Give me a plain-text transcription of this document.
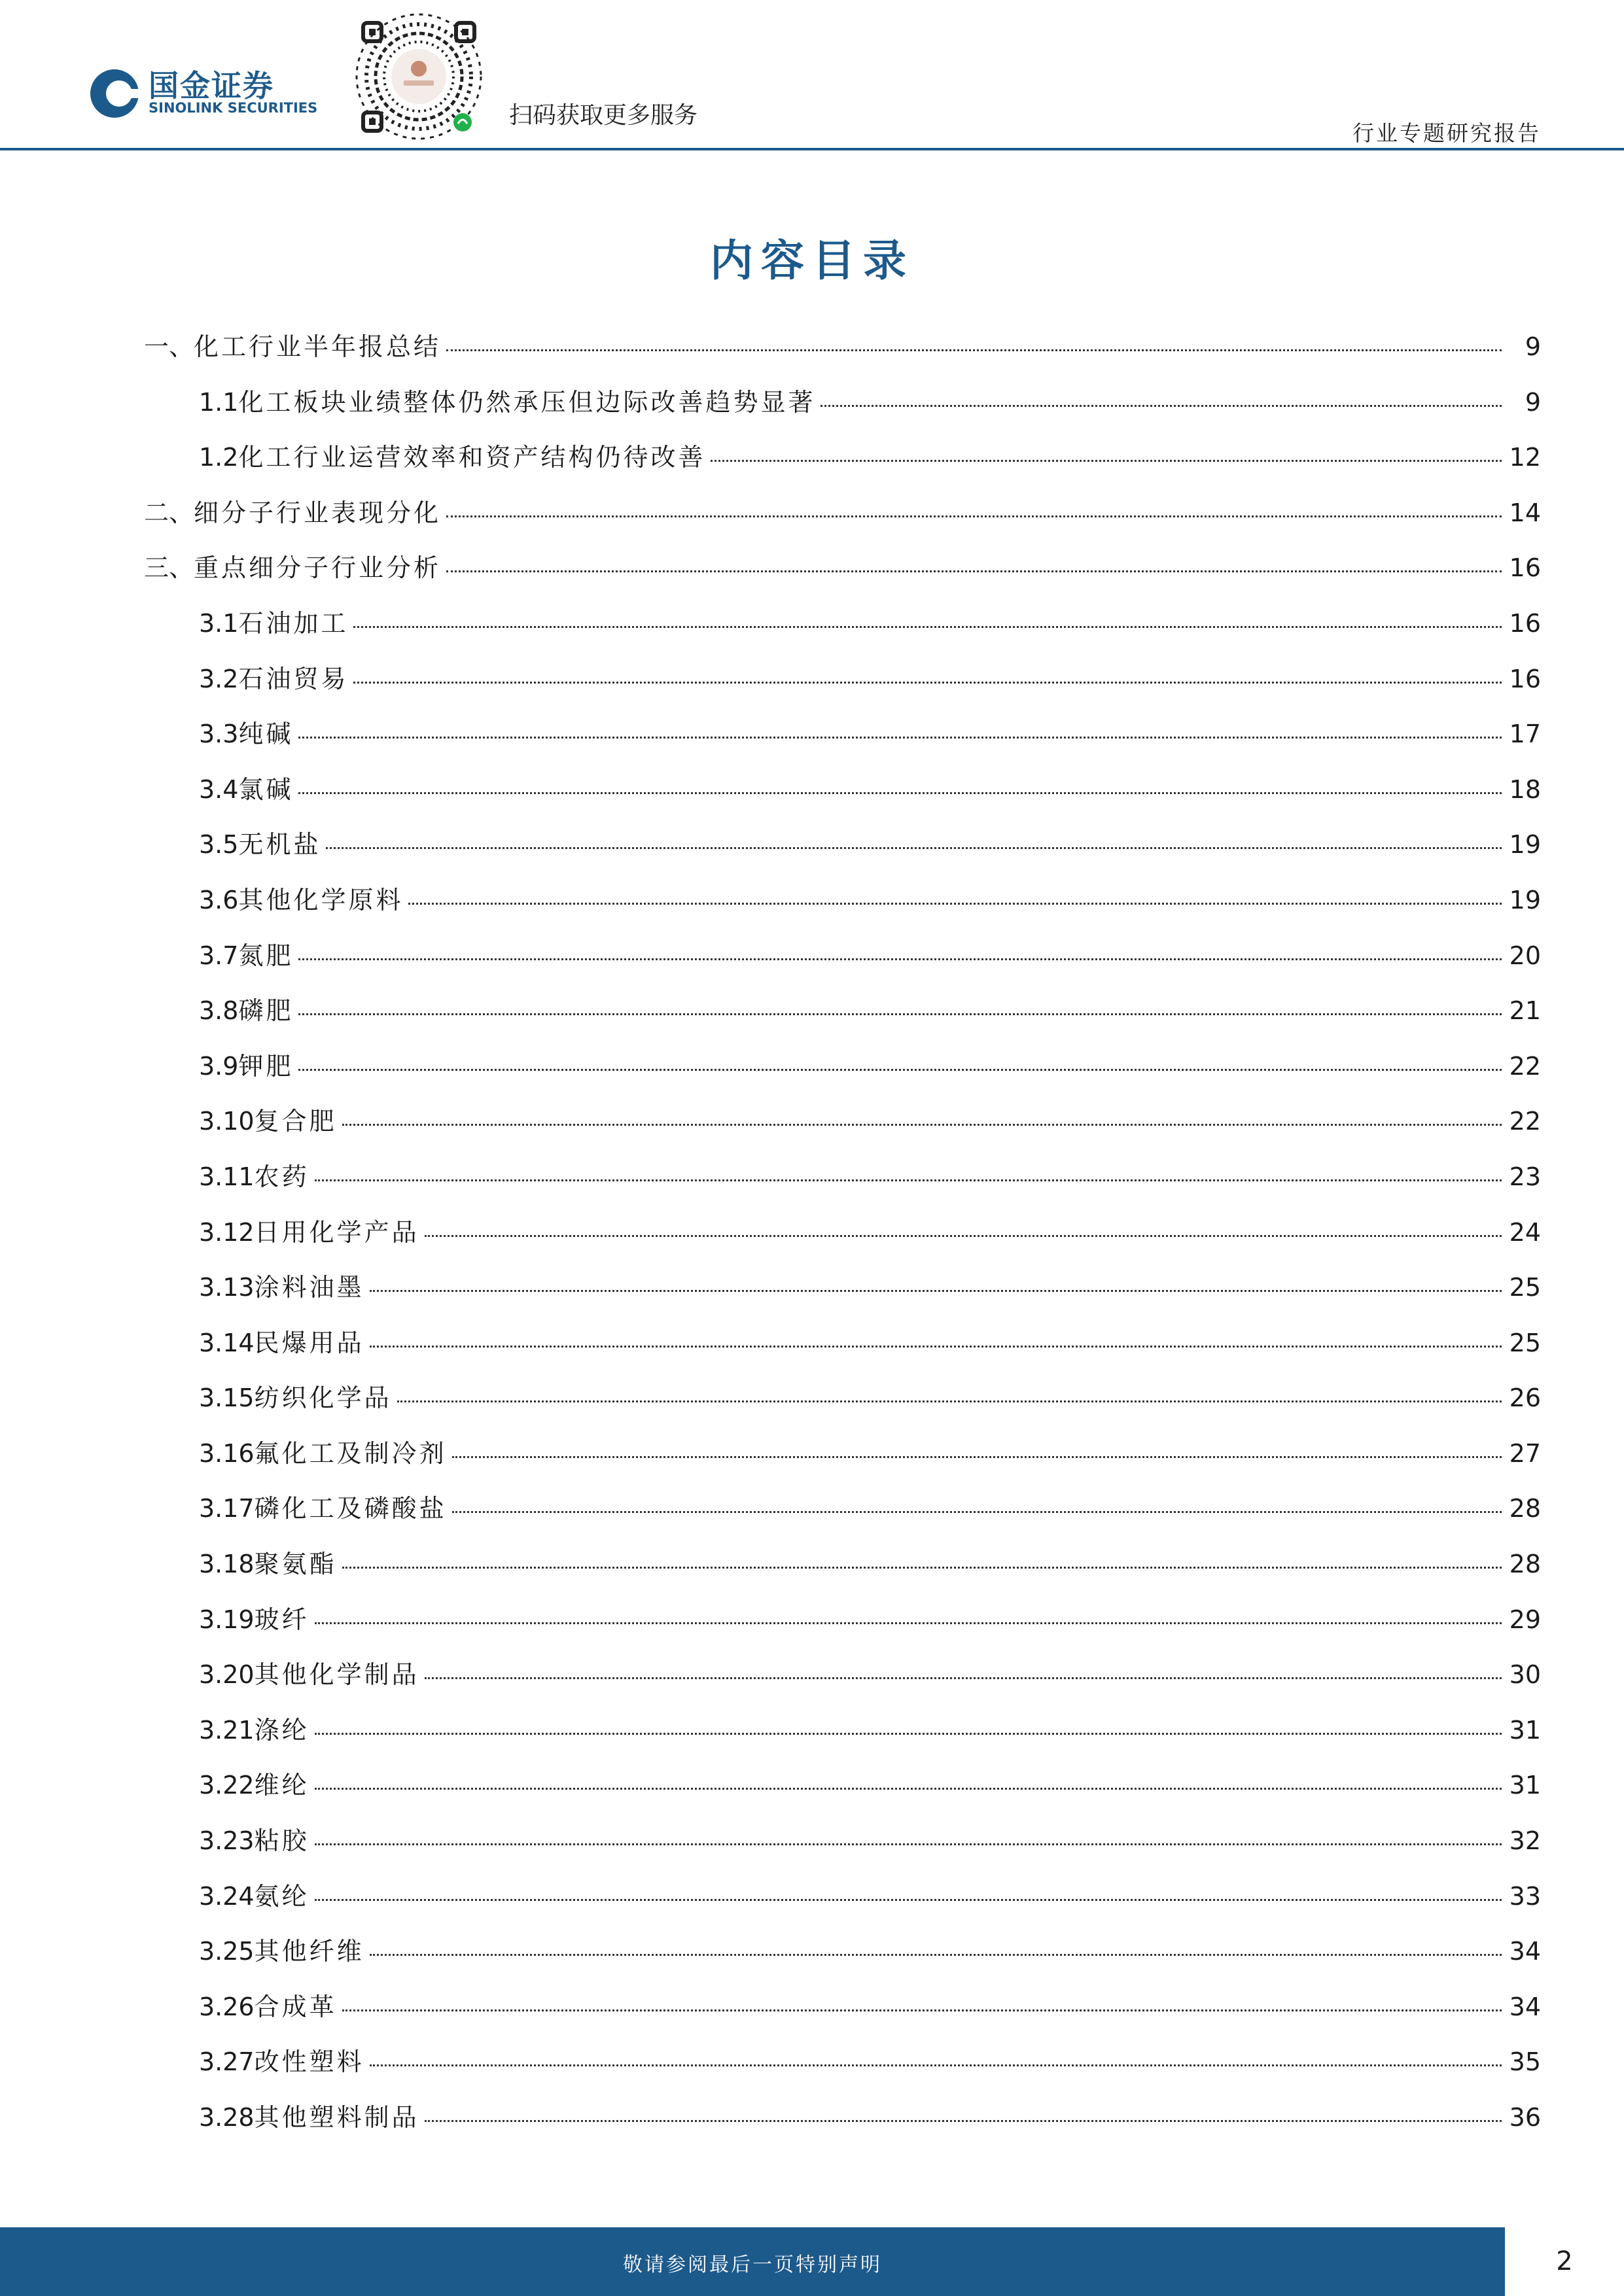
国金证券
SINOLINK SECURITIES	扫码获取更多服务
行业专题研究报告
内容目录
一、 化工行业半年报总结	9
1.1 化工板块业绩整体仍然承压但边际改善趋势显著	9
1.2 化工行业运营效率和资产结构仍待改善	12
二、 细分子行业表现分化	14
三、 重点细分子行业分析	16
3.1 石油加工	16
3.2 石油贸易	16
3.3 纯碱	17
3.4 氯碱	18
3.5 无机盐	19
3.6 其他化学原料	19
3.7 氮肥	20
3.8 磷肥	21
3.9 钾肥	22
3.10 复合肥	22
3.11 农药	23
3.12 日用化学产品	24
3.13 涂料油墨	25
3.14 民爆用品	25
3.15 纺织化学品	26
3.16 氟化工及制冷剂	27
3.17 磷化工及磷酸盐	28
3.18 聚氨酯	28
3.19 玻纤	29
3.20 其他化学制品	30
3.21 涤纶	31
3.22 维纶	31
3.23 粘胶	32
3.24 氨纶	33
3.25 其他纤维	34
3.26 合成革	34
3.27 改性塑料	35
3.28 其他塑料制品	36
敬请参阅最后一页特别声明	2
